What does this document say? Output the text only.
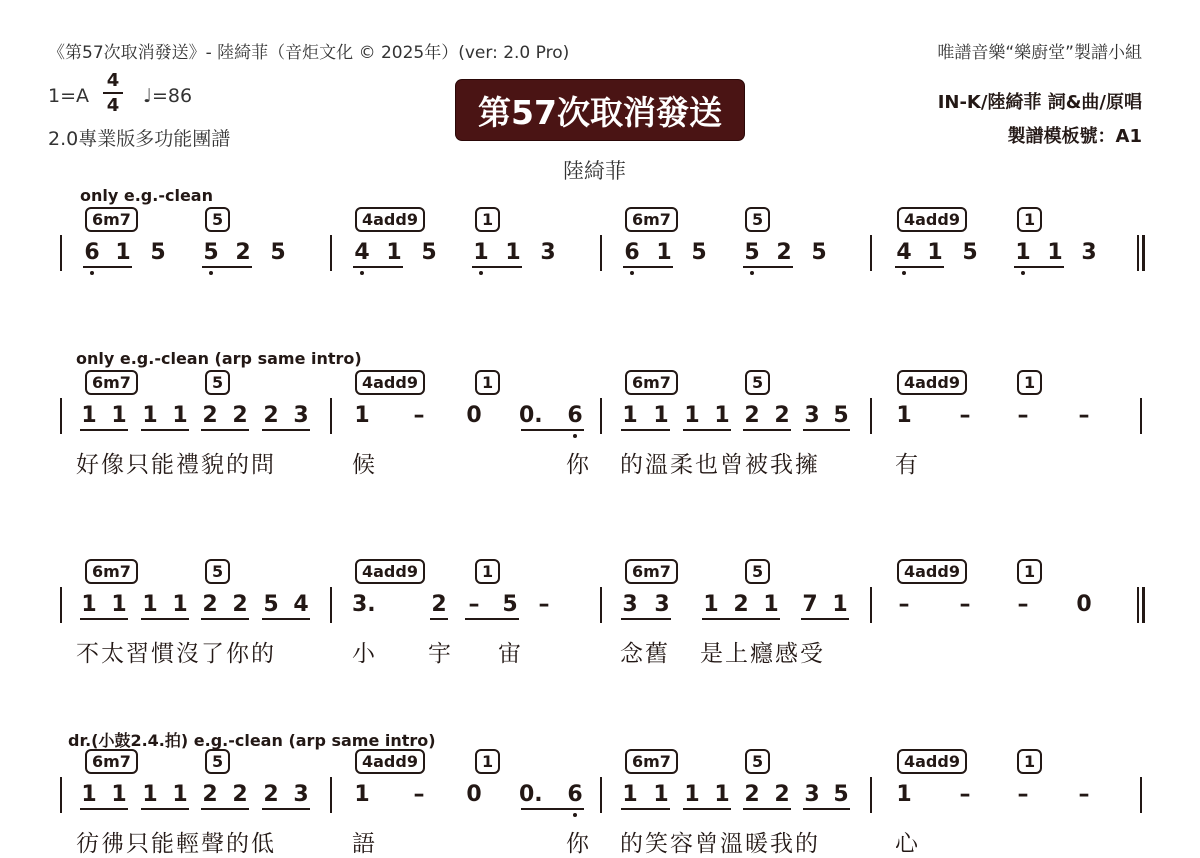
《第57次取消發送》- 陸綺菲（音炬文化 © 2025年）(ver: 2.0 Pro)	唯譜音樂“樂廚堂”製譜小組
1=A
4
4 ♩=86
2.0專業版多功能團譜
第57次取消發送
陸綺菲
IN-K/陸綺菲 詞&曲/原唱
製譜模板號：A1
only e.g.-clean
6m7	5	4add9	1	6m7	5	4add9	1
6 1 5 5 2 5	4 1 5 1 1 3	6 1 5 5 2 5	4 1 5 1 1 3
only e.g.-clean (arp same intro)
6m7	5	4add9	1	6m7	5	4add9	1
1 1 1 1 2 2 2 3 1 – 0 0. 6 1 1 1 1 2 2 3 5 1 – – –
好像只能禮貌的問	候	你 的溫柔也曾被我擁	有
6m7	5	4add9	1	6m7	5	4add9	1
1 1 1 1 2 2 5 4 3.	2 – 5 –	3 3 1 2 1 7 1 – – – 0
不太習慣沒了你的	小 宇 宙	念舊 是上癮感受
dr.(小鼓2.4.拍) e.g.-clean (arp same intro)
6m7	5	4add9	1	6m7	5	4add9	1
1 1 1 1 2 2 2 3 1 – 0 0. 6 1 1 1 1 2 2 3 5 1 – – –
彷彿只能輕聲的低	語	你 的笑容曾溫暖我的	心
